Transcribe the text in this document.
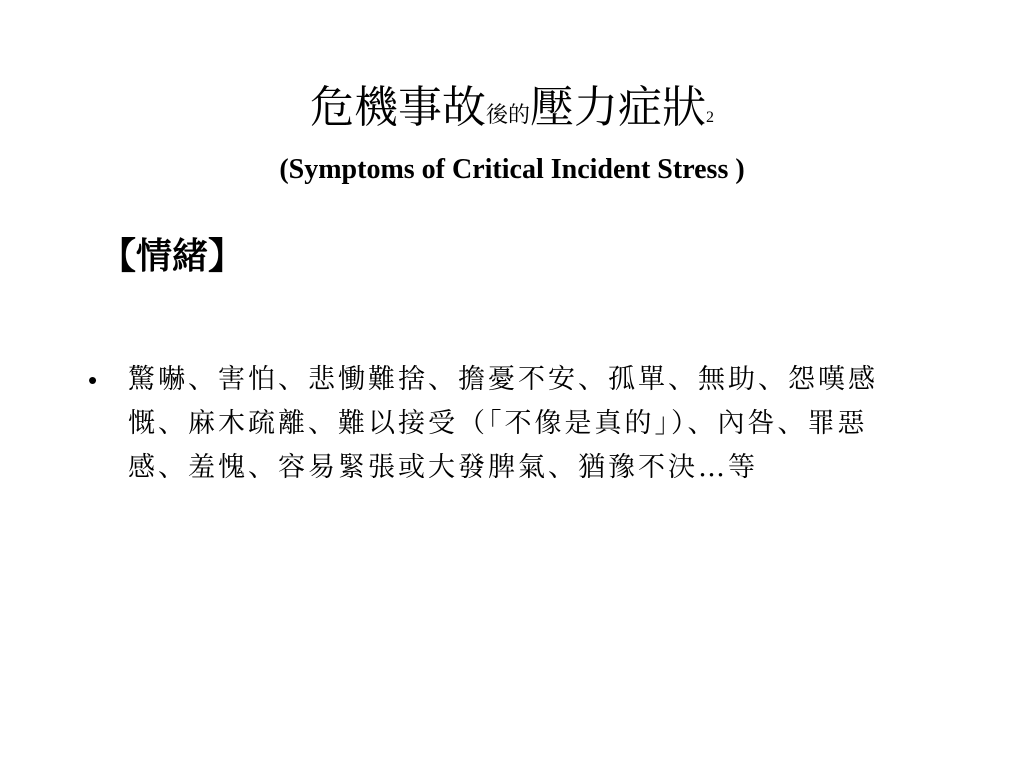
危機事故後的壓力症狀2
(Symptoms of Critical Incident Stress )
【情緒】
•	驚嚇、害怕、悲慟難捨、擔憂不安、孤單、無助、怨嘆感慨、麻木疏離、難以接受（「不像是真的」）、內咎、罪惡感、羞愧、容易緊張或大發脾氣、猶豫不決…等
